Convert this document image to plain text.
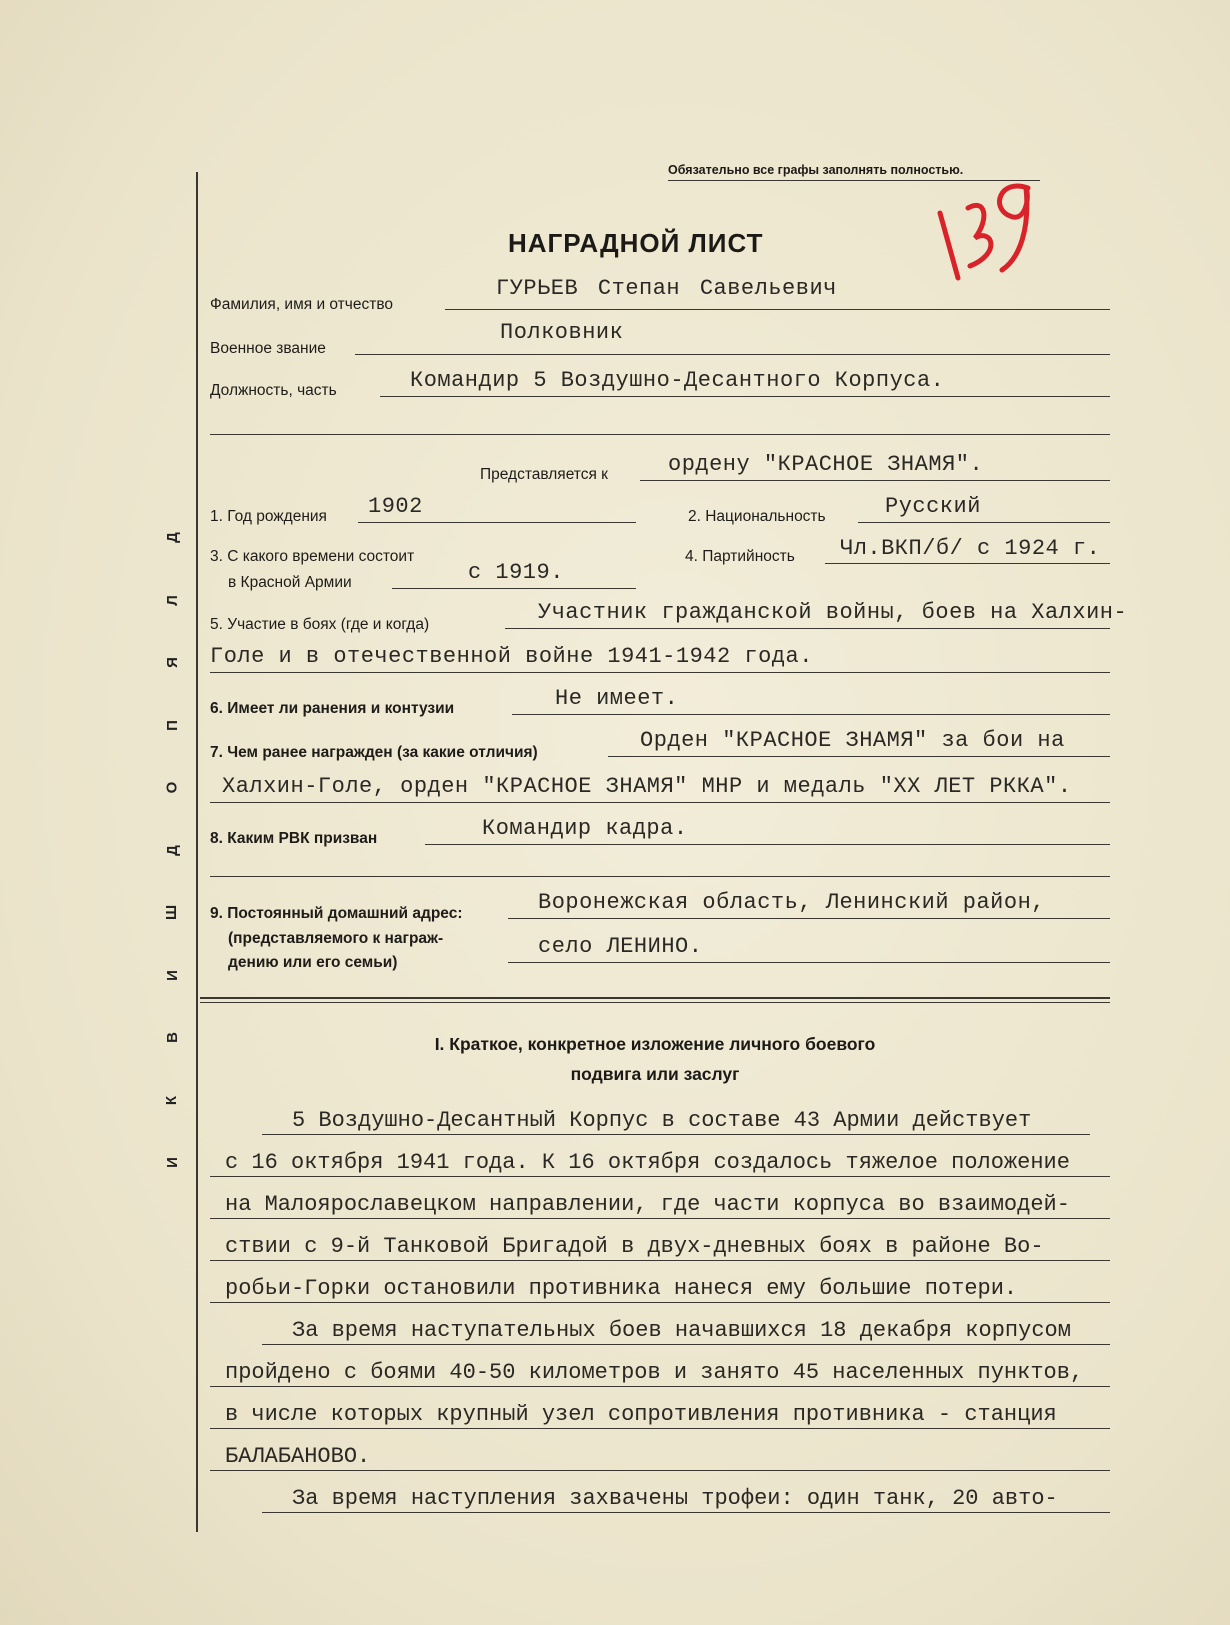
Д
Л
Я
П
О
Д
Ш
И
В
К
И
Обязательно все графы заполнять полностью.
НАГРАДНОЙ ЛИСТ
Фамилия, имя и отчество
ГУРЬЕВ Степан Савельевич
Военное звание
Полковник
Должность, часть	Командир 5 Воздушно-Десантного Корпуса.
Представляется к	ордену "КРАСНОЕ ЗНАМЯ".
1. Год рождения 1902	2. Национальность	Русский
3. С какого времени состоит
в Красной Армии	с 1919.
4. Партийность Чл.ВКП/б/ с 1924 г.
5. Участие в боях (где и когда)	Участник гражданской войны, боев на Халхин-
Голе и в отечественной войне 1941-1942 года.
6. Имеет ли ранения и контузии	Не имеет.
7. Чем ранее награжден (за какие отличия)	Орден "КРАСНОЕ ЗНАМЯ" за бои на
Халхин-Голе, орден "КРАСНОЕ ЗНАМЯ" МНР и медаль "ХХ ЛЕТ РККА".
8. Каким РВК призван	Командир кадра.
9. Постоянный домашний адрес:
(представляемого к награж-
дению или его семьи)
Воронежская область, Ленинский район,
село ЛЕНИНО.
I. Краткое, конкретное изложение личного боевого
подвига или заслуг
5 Воздушно-Десантный Корпус в составе 43 Армии действует
с 16 октября 1941 года. К 16 октября создалось тяжелое положение
на Малоярославецком направлении, где части корпуса во взаимодей-
ствии с 9-й Танковой Бригадой в двух-дневных боях в районе Во-
робьи-Горки остановили противника нанеся ему большие потери.
За время наступательных боев начавшихся 18 декабря корпусом
пройдено с боями 40-50 километров и занято 45 населенных пунктов,
в числе которых крупный узел сопротивления противника - станция
БАЛАБАНОВО.
За время наступления захвачены трофеи: один танк, 20 авто-
